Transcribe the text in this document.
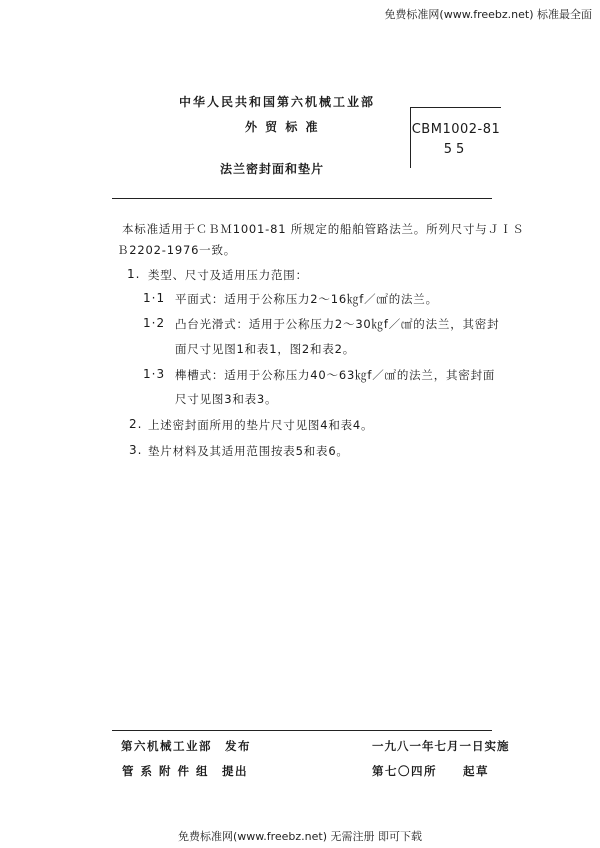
免费标准网(www.freebz.net) 标准最全面
中华人民共和国第六机械工业部
外 贸 标 准
法兰密封面和垫片
CBM1002-81
55
本标准适用于ＣＢＭ1001-81 所规定的船舶管路法兰。所列尺寸与ＪＩＳ
Ｂ2202-1976一致。
1. 类型、尺寸及适用压力范围：
1·1 平面式：适用于公称压力2～16㎏f／㎠的法兰。
1·2 凸台光滑式：适用于公称压力2～30㎏f／㎠的法兰，其密封
面尺寸见图1和表1，图2和表2。
1·3 榫槽式：适用于公称压力40～63㎏f／㎠的法兰，其密封面
尺寸见图3和表3。
2. 上述密封面所用的垫片尺寸见图4和表4。
3. 垫片材料及其适用范围按表5和表6。
第六机械工业部　发布
管 系 附 件 组　提出
一九八一年七月一日实施
第七〇四所　　起草
免费标准网(www.freebz.net) 无需注册 即可下载
